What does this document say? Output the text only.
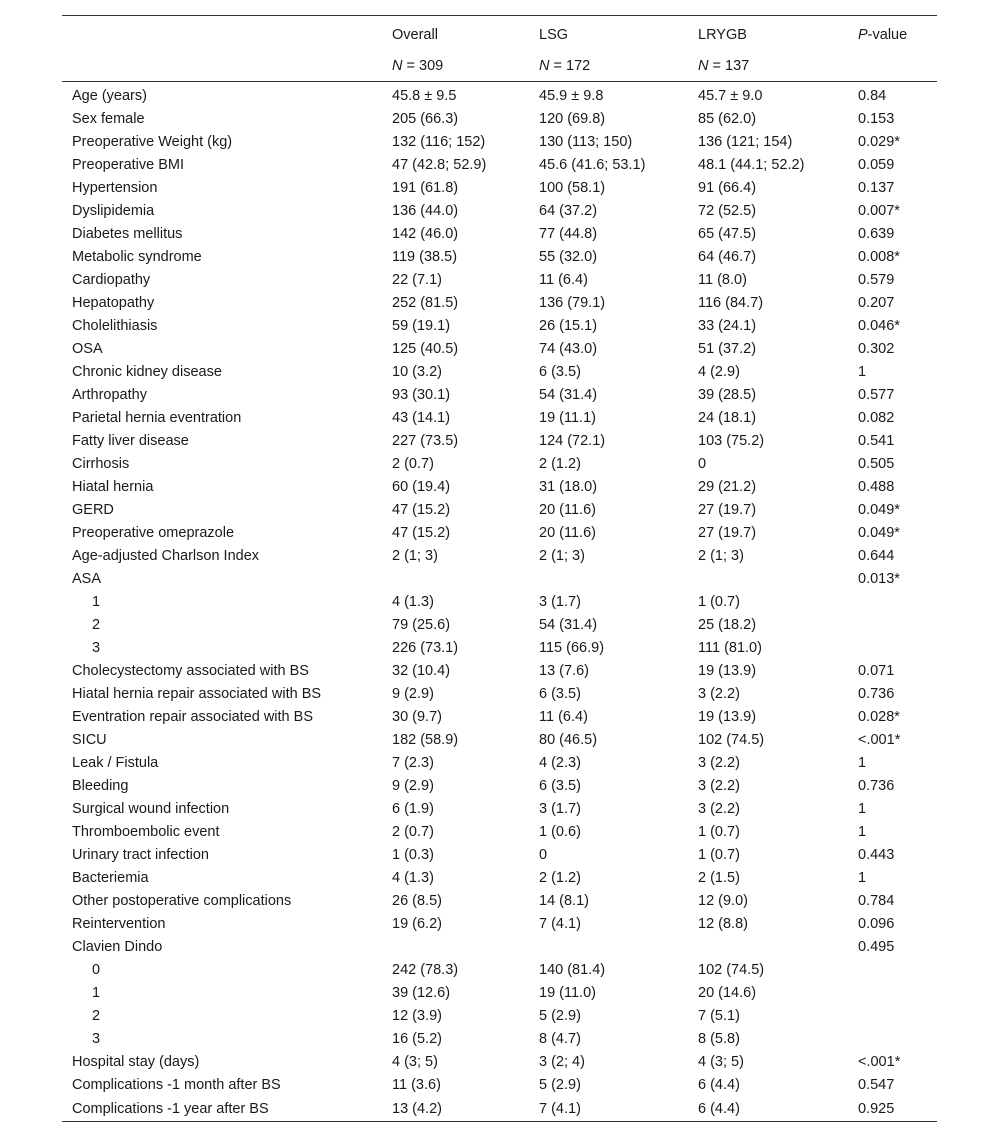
	Overall	LSG	LRYGB	P-value
	N = 309	N = 172	N = 137	
Age (years)	45.8 ± 9.5	45.9 ± 9.8	45.7 ± 9.0	0.84
Sex female	205 (66.3)	120 (69.8)	85 (62.0)	0.153
Preoperative Weight (kg)	132 (116; 152)	130 (113; 150)	136 (121; 154)	0.029*
Preoperative BMI	47 (42.8; 52.9)	45.6 (41.6; 53.1)	48.1 (44.1; 52.2)	0.059
Hypertension	191 (61.8)	100 (58.1)	91 (66.4)	0.137
Dyslipidemia	136 (44.0)	64 (37.2)	72 (52.5)	0.007*
Diabetes mellitus	142 (46.0)	77 (44.8)	65 (47.5)	0.639
Metabolic syndrome	119 (38.5)	55 (32.0)	64 (46.7)	0.008*
Cardiopathy	22 (7.1)	11 (6.4)	11 (8.0)	0.579
Hepatopathy	252 (81.5)	136 (79.1)	116 (84.7)	0.207
Cholelithiasis	59 (19.1)	26 (15.1)	33 (24.1)	0.046*
OSA	125 (40.5)	74 (43.0)	51 (37.2)	0.302
Chronic kidney disease	10 (3.2)	6 (3.5)	4 (2.9)	1
Arthropathy	93 (30.1)	54 (31.4)	39 (28.5)	0.577
Parietal hernia eventration	43 (14.1)	19 (11.1)	24 (18.1)	0.082
Fatty liver disease	227 (73.5)	124 (72.1)	103 (75.2)	0.541
Cirrhosis	2 (0.7)	2 (1.2)	0	0.505
Hiatal hernia	60 (19.4)	31 (18.0)	29 (21.2)	0.488
GERD	47 (15.2)	20 (11.6)	27 (19.7)	0.049*
Preoperative omeprazole	47 (15.2)	20 (11.6)	27 (19.7)	0.049*
Age-adjusted Charlson Index	2 (1; 3)	2 (1; 3)	2 (1; 3)	0.644
ASA				0.013*
1	4 (1.3)	3 (1.7)	1 (0.7)	
2	79 (25.6)	54 (31.4)	25 (18.2)	
3	226 (73.1)	115 (66.9)	111 (81.0)	
Cholecystectomy associated with BS	32 (10.4)	13 (7.6)	19 (13.9)	0.071
Hiatal hernia repair associated with BS	9 (2.9)	6 (3.5)	3 (2.2)	0.736
Eventration repair associated with BS	30 (9.7)	11 (6.4)	19 (13.9)	0.028*
SICU	182 (58.9)	80 (46.5)	102 (74.5)	<.001*
Leak / Fistula	7 (2.3)	4 (2.3)	3 (2.2)	1
Bleeding	9 (2.9)	6 (3.5)	3 (2.2)	0.736
Surgical wound infection	6 (1.9)	3 (1.7)	3 (2.2)	1
Thromboembolic event	2 (0.7)	1 (0.6)	1 (0.7)	1
Urinary tract infection	1 (0.3)	0	1 (0.7)	0.443
Bacteriemia	4 (1.3)	2 (1.2)	2 (1.5)	1
Other postoperative complications	26 (8.5)	14 (8.1)	12 (9.0)	0.784
Reintervention	19 (6.2)	7 (4.1)	12 (8.8)	0.096
Clavien Dindo				0.495
0	242 (78.3)	140 (81.4)	102 (74.5)	
1	39 (12.6)	19 (11.0)	20 (14.6)	
2	12 (3.9)	5 (2.9)	7 (5.1)	
3	16 (5.2)	8 (4.7)	8 (5.8)	
Hospital stay (days)	4 (3; 5)	3 (2; 4)	4 (3; 5)	<.001*
Complications -1 month after BS	11 (3.6)	5 (2.9)	6 (4.4)	0.547
Complications -1 year after BS	13 (4.2)	7 (4.1)	6 (4.4)	0.925
